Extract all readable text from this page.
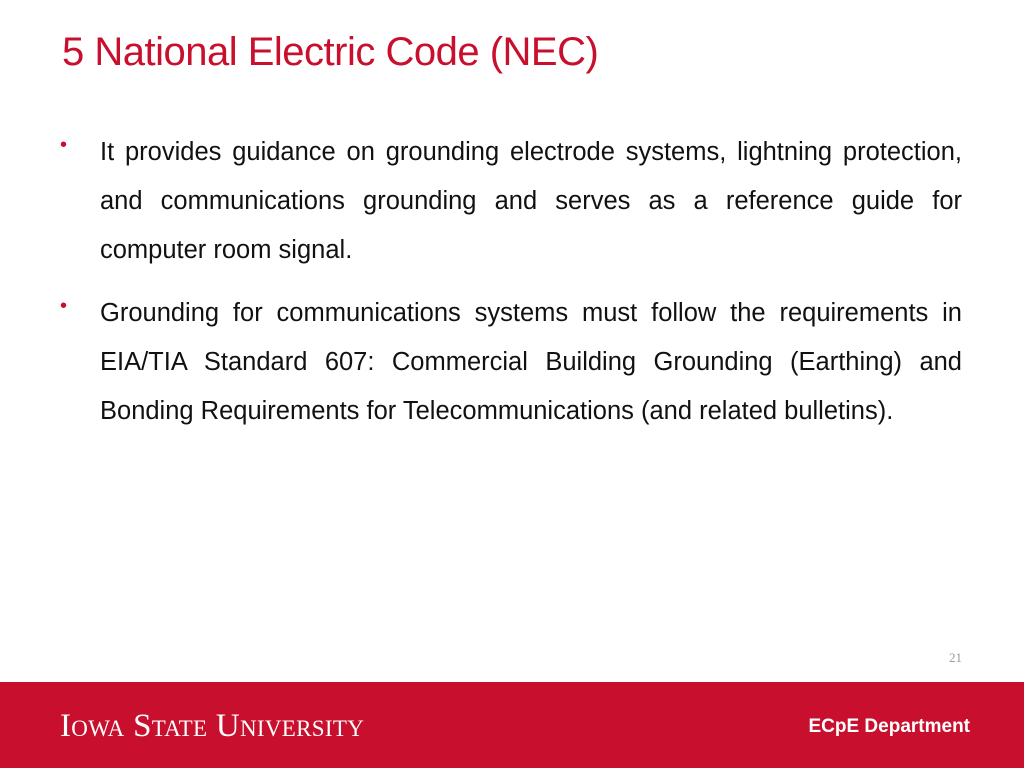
5 National Electric Code (NEC)
• It provides guidance on grounding electrode systems, lightning protection, and communications grounding and serves as a reference guide for computer room signal.
• Grounding for communications systems must follow the requirements in EIA/TIA Standard 607: Commercial Building Grounding (Earthing) and Bonding Requirements for Telecommunications (and related bulletins).
21
Iowa State University	ECpE Department
